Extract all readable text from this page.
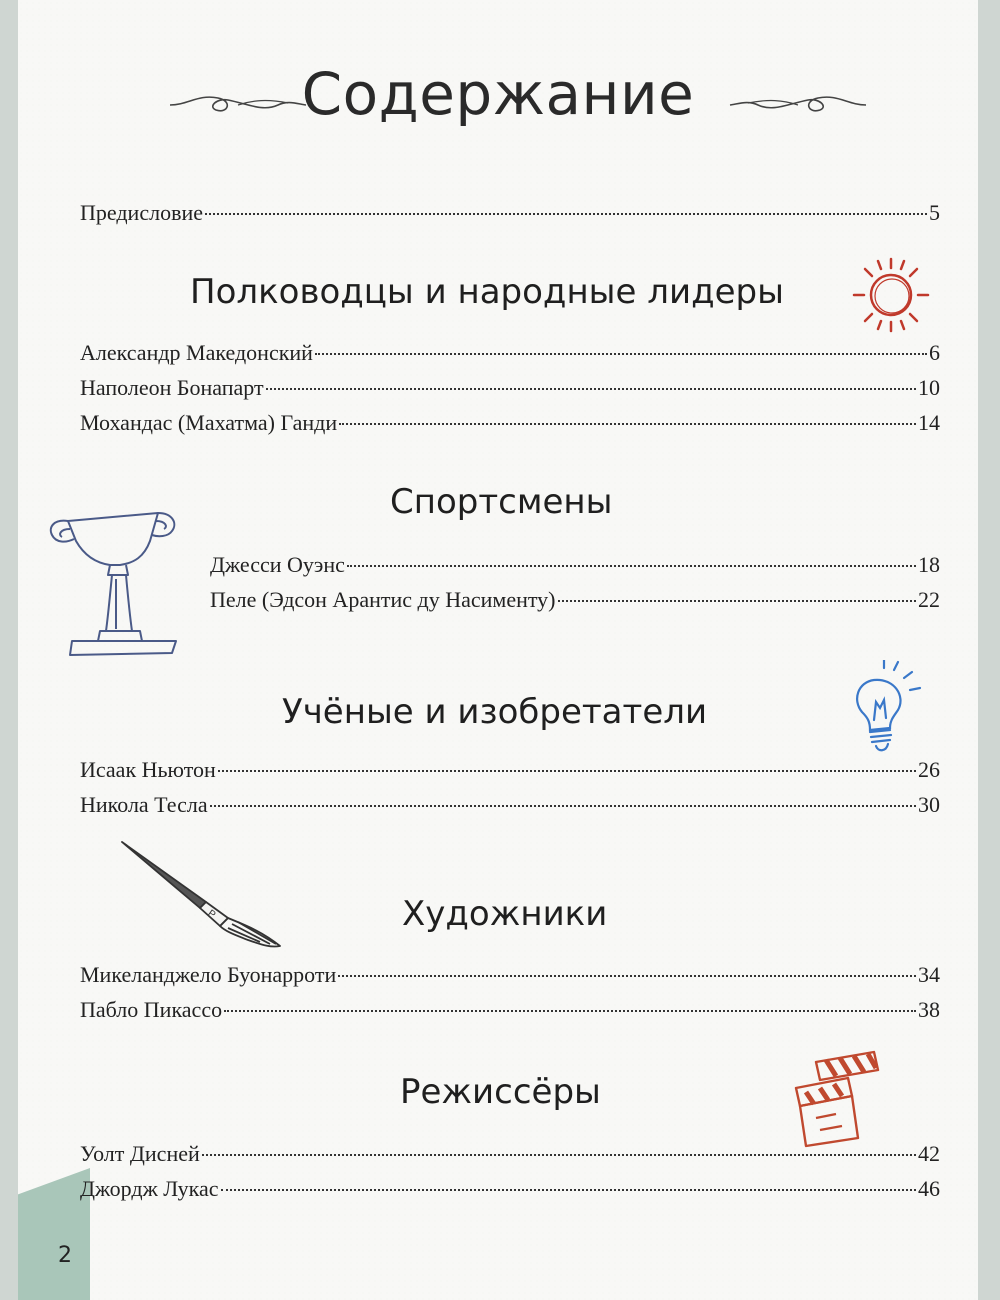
2
Содержание
Предисловие	5
Полководцы и народные лидеры
Александр Македонский	6
Наполеон Бонапарт	10
Мохандас (Махатма) Ганди	14
Спортсмены
Джесси Оуэнс	18
Пеле (Эдсон Арантис ду Насименту)	22
Учёные и изобретатели
Исаак Ньютон	26
Никола Тесла	30
Художники
P
Микеланджело Буонарроти	34
Пабло Пикассо	38
Режиссёры
Уолт Дисней	42
Джордж Лукас	46
